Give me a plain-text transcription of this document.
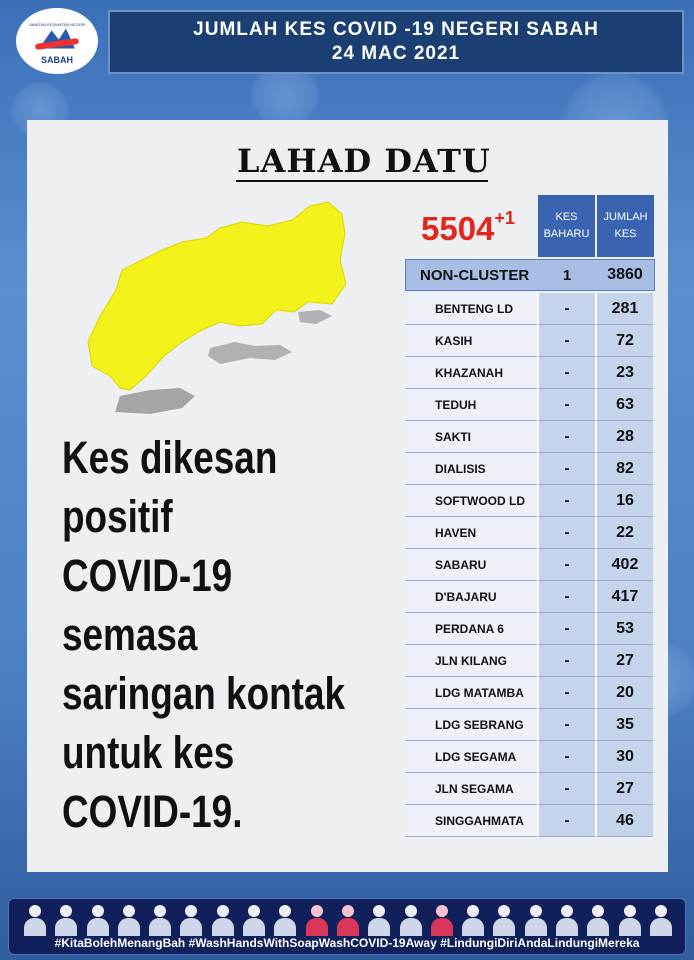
JABATAN KESIHATAN NEGERI
SABAH
JUMLAH KES COVID -19 NEGERI SABAH
24 MAC 2021
LAHAD DATU
$5504^{+1}$
Kes dikesan
positif
COVID-19
semasa
saringan kontak
untuk kes
COVID-19.
KES
BAHARU
JUMLAH
KES
NON-CLUSTER	1	3860
BENTENG LD	-	281
KASIH	-	72
KHAZANAH	-	23
TEDUH	-	63
SAKTI	-	28
DIALISIS	-	82
SOFTWOOD LD	-	16
HAVEN	-	22
SABARU	-	402
D'BAJARU	-	417
PERDANA 6	-	53
JLN KILANG	-	27
LDG MATAMBA	-	20
LDG SEBRANG	-	35
LDG SEGAMA	-	30
JLN SEGAMA	-	27
SINGGAHMATA	-	46
#KitaBolehMenangBah #WashHandsWithSoapWashCOVID-19Away #LindungiDiriAndaLindungiMereka
